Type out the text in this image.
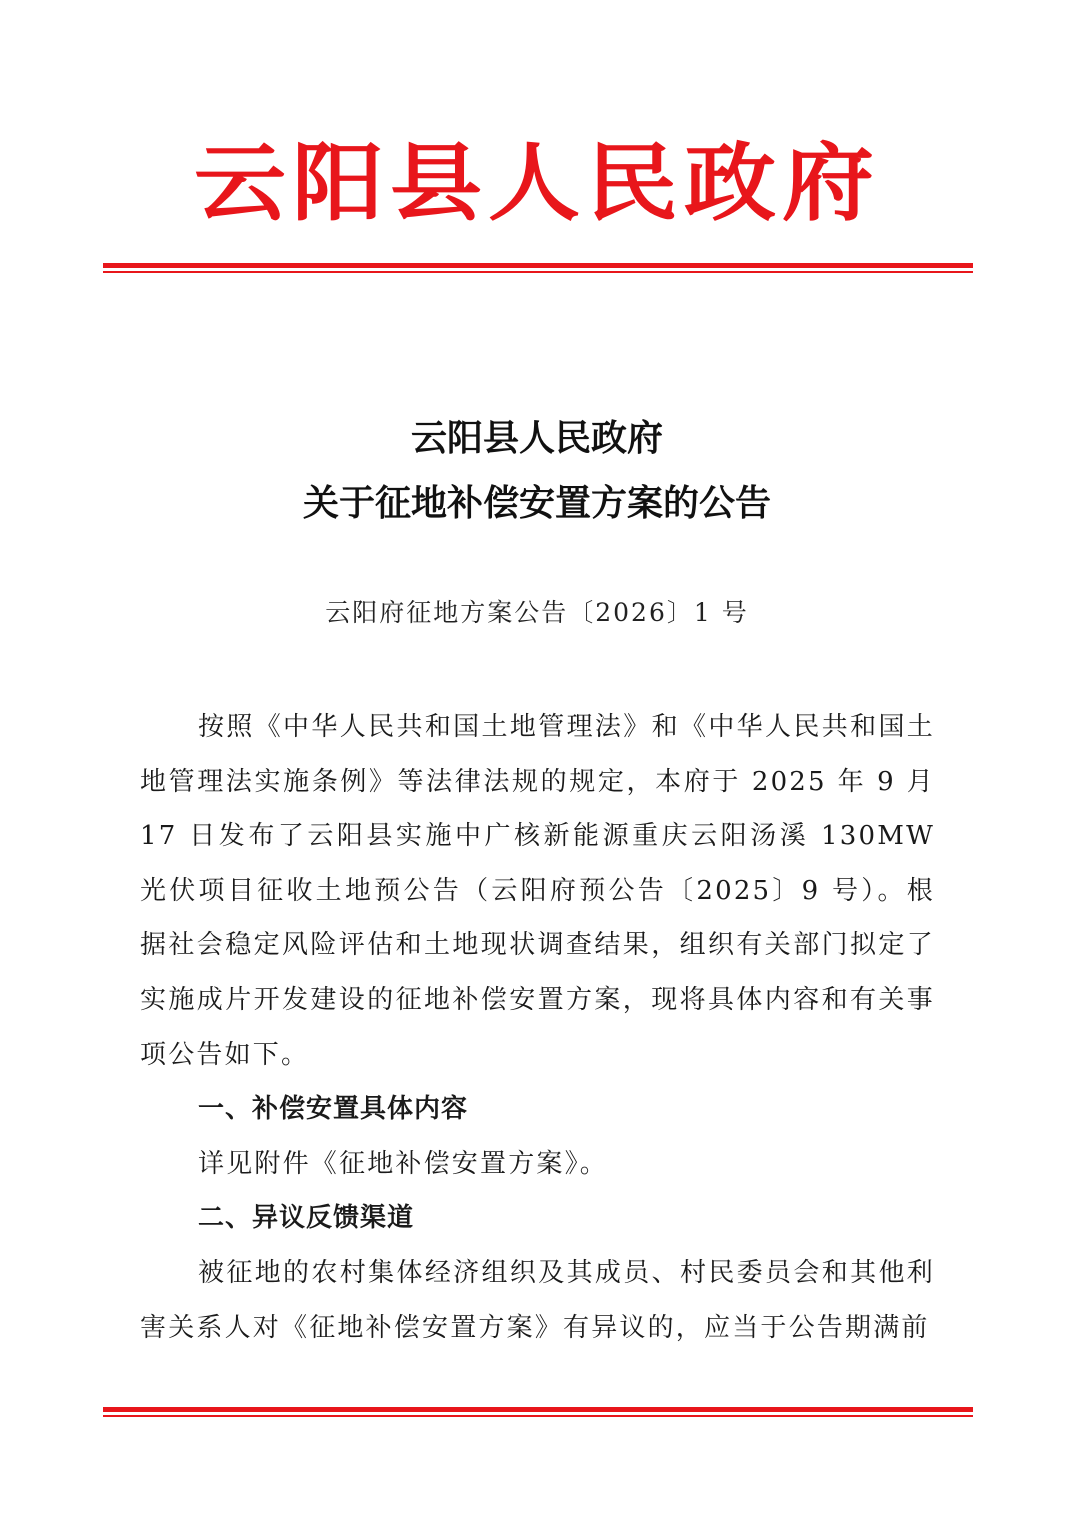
云阳县人民政府
云阳县人民政府
关于征地补偿安置方案的公告
云阳府征地方案公告〔2026〕1 号

按照《中华人民共和国土地管理法》和《中华人民共和国土地管理法实施条例》等法律法规的规定，本府于 2025 年 9 月 17 日发布了云阳县实施中广核新能源重庆云阳汤溪 130MW 光伏项目征收土地预公告（云阳府预公告〔2025〕9 号）。根据社会稳定风险评估和土地现状调查结果，组织有关部门拟定了实施成片开发建设的征地补偿安置方案，现将具体内容和有关事项公告如下。

一、补偿安置具体内容

详见附件《征地补偿安置方案》。

二、异议反馈渠道

被征地的农村集体经济组织及其成员、村民委员会和其他利害关系人对《征地补偿安置方案》有异议的，应当于公告期满前
